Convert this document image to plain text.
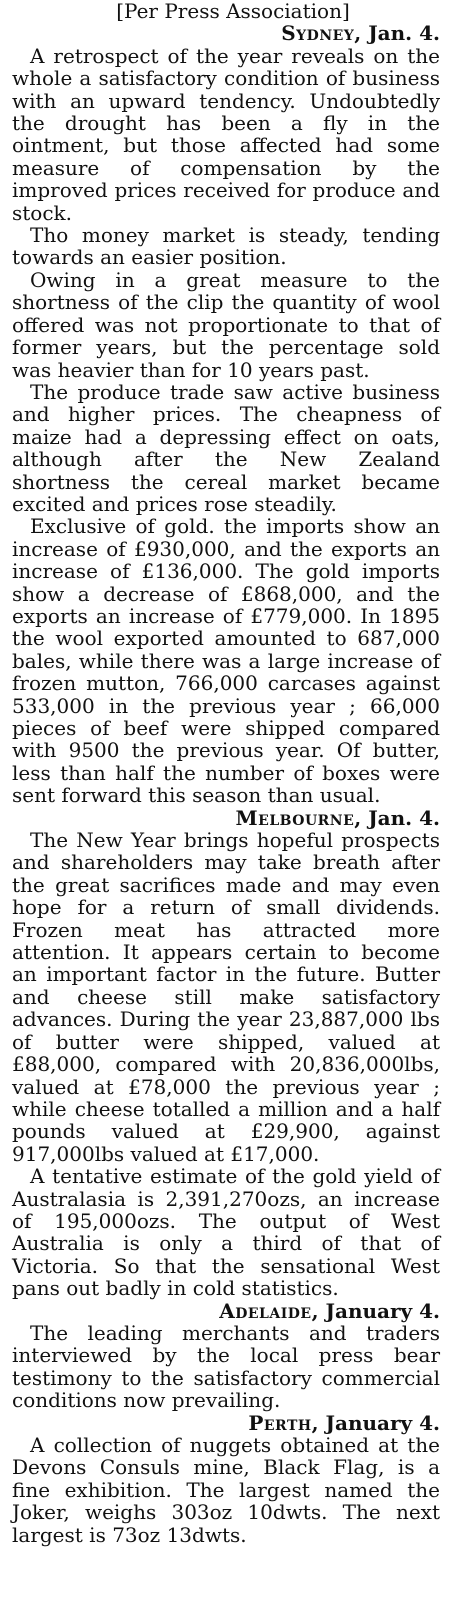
[Per Press Association]

Sydney, Jan. 4.

A retrospect of the year reveals on the whole a satisfactory condition of business with an upward tendency. Undoubtedly the drought has been a fly in the ointment, but those affected had some measure of compensation by the improved prices received for produce and stock.

Tho money market is steady, tending towards an easier position.

Owing in a great measure to the shortness of the clip the quantity of wool offered was not proportionate to that of former years, but the percentage sold was heavier than for 10 years past.

The produce trade saw active business and higher prices. The cheapness of maize had a depressing effect on oats, although after the New Zealand shortness the cereal market became excited and prices rose steadily.

Exclusive of gold. the imports show an increase of £930,000, and the exports an increase of £136,000. The gold imports show a decrease of £868,000, and the exports an increase of £779,000. In 1895 the wool exported amounted to 687,000 bales, while there was a large increase of frozen mutton, 766,000 carcases against 533,000 in the previous year ; 66,000 pieces of beef were shipped compared with 9500 the previous year. Of butter, less than half the number of boxes were sent forward this season than usual.

Melbourne, Jan. 4.

The New Year brings hopeful prospects and shareholders may take breath after the great sacrifices made and may even hope for a return of small dividends. Frozen meat has attracted more attention. It appears certain to become an important factor in the future. Butter and cheese still make satisfactory advances. During the year 23,887,000 lbs of butter were shipped, valued at £88,000, compared with 20,836,000lbs, valued at £78,000 the previous year ; while cheese totalled a million and a half pounds valued at £29,900, against 917,000lbs valued at £17,000.

A tentative estimate of the gold yield of Australasia is 2,391,270ozs, an increase of 195,000ozs. The output of West Australia is only a third of that of Victoria. So that the sensational West pans out badly in cold statistics.

Adelaide, January 4.

The leading merchants and traders interviewed by the local press bear testimony to the satisfactory commercial conditions now prevailing.

Perth, January 4.

A collection of nuggets obtained at the Devons Consuls mine, Black Flag, is a fine exhibition. The largest named the Joker, weighs 303oz 10dwts. The next largest is 73oz 13dwts.
